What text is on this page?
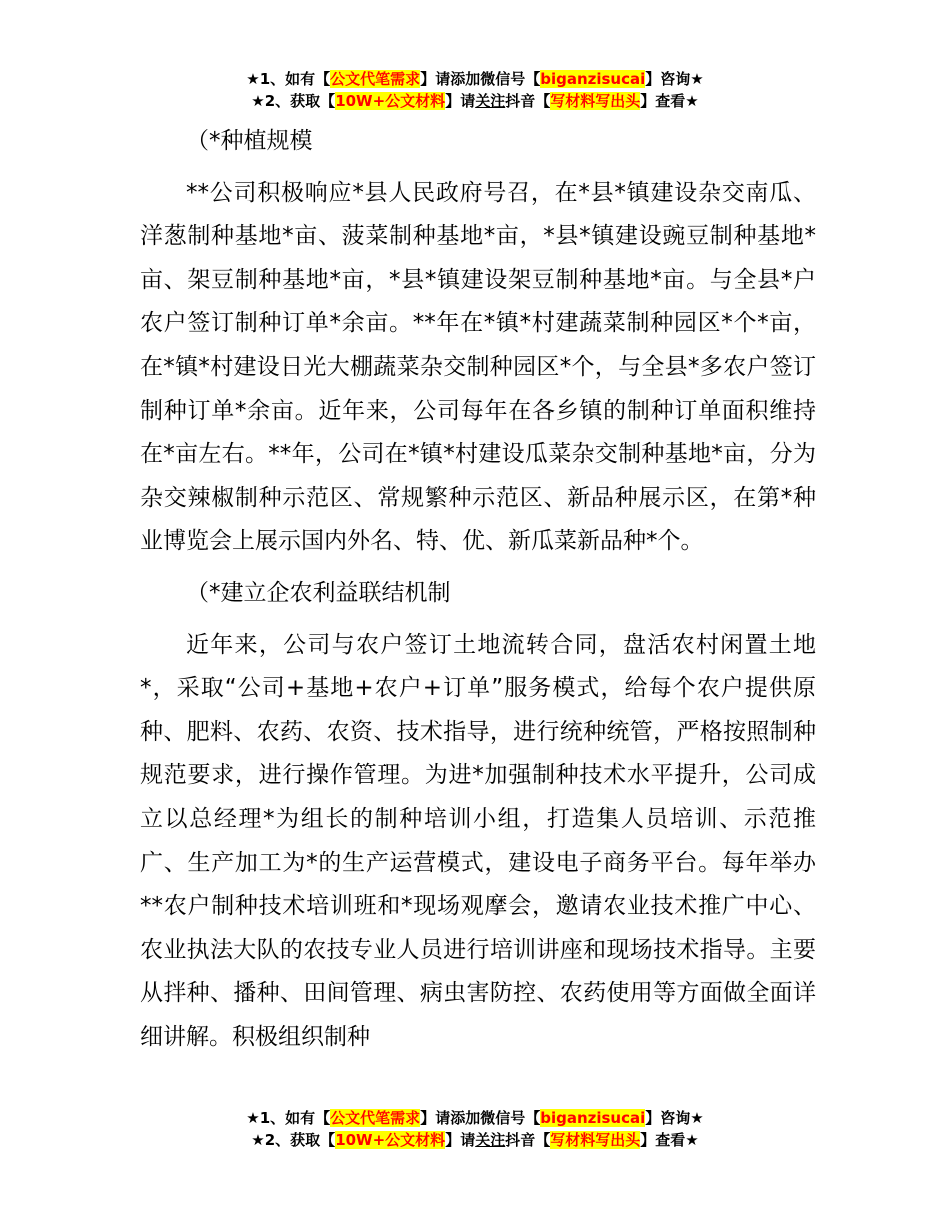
★1、如有【公文代笔需求】请添加微信号【biganzisucai】咨询★
★2、获取【10W+公文材料】请关注抖音【写材料写出头】查看★

（*种植规模

**公司积极响应*县人民政府号召，在*县*镇建设杂交南瓜、洋葱制种基地*亩、菠菜制种基地*亩，*县*镇建设豌豆制种基地*亩、架豆制种基地*亩，*县*镇建设架豆制种基地*亩。与全县*户农户签订制种订单*余亩。**年在*镇*村建蔬菜制种园区*个*亩，在*镇*村建设日光大棚蔬菜杂交制种园区*个，与全县*多农户签订制种订单*余亩。近年来，公司每年在各乡镇的制种订单面积维持在*亩左右。**年，公司在*镇*村建设瓜菜杂交制种基地*亩，分为杂交辣椒制种示范区、常规繁种示范区、新品种展示区，在第*种业博览会上展示国内外名、特、优、新瓜菜新品种*个。

（*建立企农利益联结机制

近年来，公司与农户签订土地流转合同，盘活农村闲置土地*，采取“公司+基地+农户+订单”服务模式，给每个农户提供原种、肥料、农药、农资、技术指导，进行统种统管，严格按照制种规范要求，进行操作管理。为进*加强制种技术水平提升，公司成立以总经理*为组长的制种培训小组，打造集人员培训、示范推广、生产加工为*的生产运营模式，建设电子商务平台。每年举办**农户制种技术培训班和*现场观摩会，邀请农业技术推广中心、农业执法大队的农技专业人员进行培训讲座和现场技术指导。主要从拌种、播种、田间管理、病虫害防控、农药使用等方面做全面详细讲解。积极组织制种

★1、如有【公文代笔需求】请添加微信号【biganzisucai】咨询★
★2、获取【10W+公文材料】请关注抖音【写材料写出头】查看★
